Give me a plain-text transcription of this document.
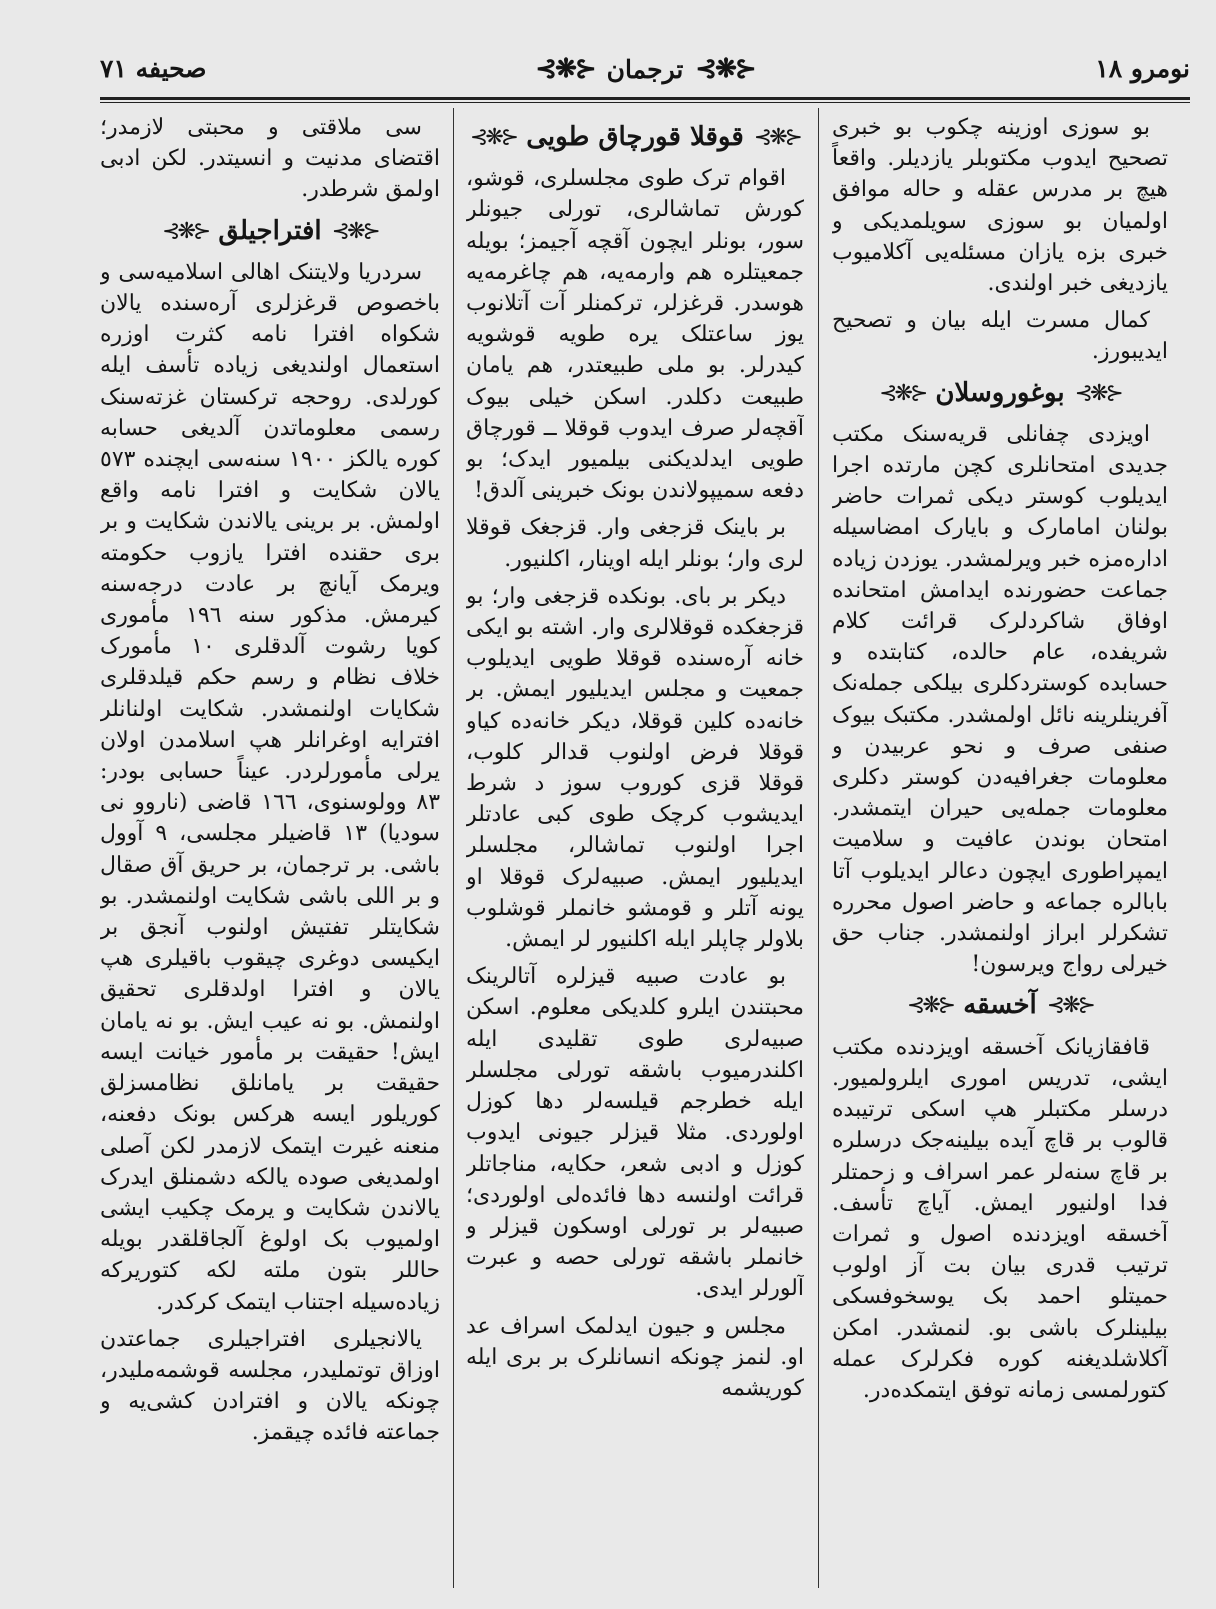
نومرو ١٨
⊰❋⊱ ترجمان ⊰❋⊱
صحیفه ٧١

بو سوزی اوزینه چکوب بو خبری تصحیح ایدوب مکتوبلر یازدیلر. واقعاً هیچ بر مدرس عقله و حاله موافق اولمیان بو سوزی سویلمدیکی و خبری بزه یازان مسئله‌یی آکلامیوب یازدیغی خبر اولندی.

کمال مسرت ایله بیان و تصحیح ایدیبورز.

⊰❋⊱
بوغوروسلان
⊰❋⊱

اویزدی چفانلی قریه‌سنک مکتب جدیدی امتحانلری کچن مارتده اجرا ایدیلوب کوستر دیکی ثمرات حاضر بولنان امامارک و بایارک امضاسیله اداره‌مزه خبر ویرلمشدر. یوزدن زیاده جماعت حضورنده ایدامش امتحانده اوفاق شاکردلرک قرائت کلام شریفده، عام حالده، کتابتده و حسابده کوستردکلری بیلکی جمله‌نک آفرینلرینه نائل اولمشدر. مکتبک بیوک صنفی صرف و نحو عربیدن و معلومات جغرافیه‌دن کوستر دکلری معلومات جمله‌یی حیران ایتمشدر. امتحان بوندن عافیت و سلامیت ایمپراطوری ایچون دعالر ایدیلوب آتا بابالره جماعه و حاضر اصول محرره تشکرلر ابراز اولنمشدر. جناب حق خیرلی رواج ویرسون!

⊰❋⊱
آخسقه
⊰❋⊱

قافقازیانک آخسقه اویزدنده مکتب ایشی، تدریس اموری ایلرولمیور. درسلر مکتبلر هپ اسکی ترتیبده قالوب بر قاچ آیده بیلینه‌جک درسلره بر قاچ سنه‌لر عمر اسراف و زحمتلر فدا اولنیور ایمش. آیاچ تأسف. آخسقه اویزدنده اصول و ثمرات ترتیب قدری بیان بت آز اولوب حمیتلو احمد بک یوسخوفسکی بیلینلرک باشی بو. لنمشدر. امکن آکلاشلدیغنه کوره فکرلرک عمله کتورلمسی زمانه توفق ایتمکده‌در.

⊰❋⊱
قوقلا قورچاق طویی
⊰❋⊱

اقوام ترک طوی مجلسلری، قوشو، کورش تماشالری، تورلی جیونلر سور، بونلر ایچون آقچه آجیمز؛ بویله جمعیتلره هم وارمه‌یه، هم چاغرمه‌یه هوسدر. قرغزلر، ترکمنلر آت آتلانوب یوز ساعتلک یره طویه قوشویه کیدرلر. بو ملی طبیعتدر، هم یامان طبیعت دکلدر. اسکن خیلی بیوک آقچه‌لر صرف ایدوب قوقلا ــ قورچاق طویی ایدلدیکنی بیلمیور ایدک؛ بو دفعه سمیپولاندن بونک خبرینی آلدق!

بر باینک قزجغی وار. قزجغک قوقلا لری وار؛ بونلر ایله اوینار، اکلنیور.

دیکر بر بای. بونکده قزجغی وار؛ بو قزجغکده قوقلالری وار. اشته بو ایکی خانه آره‌سنده قوقلا طویی ایدیلوب جمعیت و مجلس ایدیلیور ایمش. بر خانه‌ده کلین قوقلا، دیکر خانه‌ده کیاو قوقلا فرض اولنوب قدالر کلوب، قوقلا قزی کوروب سوز د شرط ایدیشوب کرچک طوی کبی عادتلر اجرا اولنوب تماشالر، مجلسلر ایدیلیور ایمش. صبیه‌لرک قوقلا او یونه آتلر و قومشو خانملر قوشلوب بلاولر چاپلر ایله اکلنیور لر ایمش.

بو عادت صبیه قیزلره آتالرینک محبتندن ایلرو کلدیکی معلوم. اسکن صبیه‌لری طوی تقلیدی ایله اکلندرمیوب باشقه تورلی مجلسلر ایله خطرجم قیلسه‌لر دها کوزل اولوردی. مثلا قیزلر جیونی ایدوب کوزل و ادبی شعر، حکایه، مناجاتلر قرائت اولنسه دها فائده‌لی اولوردی؛ صبیه‌لر بر تورلی اوسکون قیزلر و خانملر باشقه تورلی حصه و عبرت آلورلر ایدی.

مجلس و جیون ایدلمک اسراف عد او. لنمز چونکه انسانلرک بر بری ایله کوریشمه

سی ملاقتی و محبتی لازمدر؛ اقتضای مدنیت و انسیتدر. لکن ادبی اولمق شرطدر.

⊰❋⊱
افتراجیلق
⊰❋⊱

سردریا ولایتنک اهالی اسلامیه‌سی و باخصوص قرغزلری آره‌سنده یالان شکواه افترا نامه کثرت اوزره استعمال اولندیغی زیاده تأسف ایله کورلدی. روحجه ترکستان غزته‌سنک رسمی معلوماتدن آلدیغی حسابه کوره یالکز ١٩٠٠ سنه‌سی ایچنده ٥٧٣ یالان شکایت و افترا نامه واقع اولمش. بر برینی یالاندن شکایت و بر بری حقنده افترا یازوب حکومته ویرمک آیانچ بر عادت درجه‌سنه کیرمش. مذکور سنه ١٩٦ مأموری کویا رشوت آلدقلری ١٠ مأمورک خلاف نظام و رسم حکم قیلدقلری شکایات اولنمشدر. شکایت اولنانلر افترایه اوغرانلر هپ اسلامدن اولان یرلی مأمورلردر. عیناً حسابی بودر: ٨٣ وولوسنوی، ١٦٦ قاضی (ناروو نی سودیا) ١٣ قاضیلر مجلسی، ٩ آوول باشی. بر ترجمان، بر حریق آق صقال و بر اللی باشی شکایت اولنمشدر. بو شکایتلر تفتیش اولنوب آنجق بر ایکیسی دوغری چیقوب باقیلری هپ یالان و افترا اولدقلری تحقیق اولنمش. بو نه عیب ایش. بو نه یامان ایش! حقیقت بر مأمور خیانت ایسه حقیقت بر یامانلق نظامسزلق کوریلور ایسه هرکس بونک دفعنه، منعنه غیرت ایتمک لازمدر لکن آصلی اولمدیغی صوده یالکه دشمنلق ایدرک یالاندن شکایت و یرمک چکیب ایشی اولمیوب بک اولوغ آلجاقلقدر بویله حاللر بتون ملته لکه کتوریرکه زیاده‌سیله اجتناب ایتمک کرکدر.

یالانجیلری افتراجیلری جماعتدن اوزاق توتملیدر، مجلسه قوشمه‌ملیدر، چونکه یالان و افترادن کشی‌یه و جماعته فائده چیقمز.
